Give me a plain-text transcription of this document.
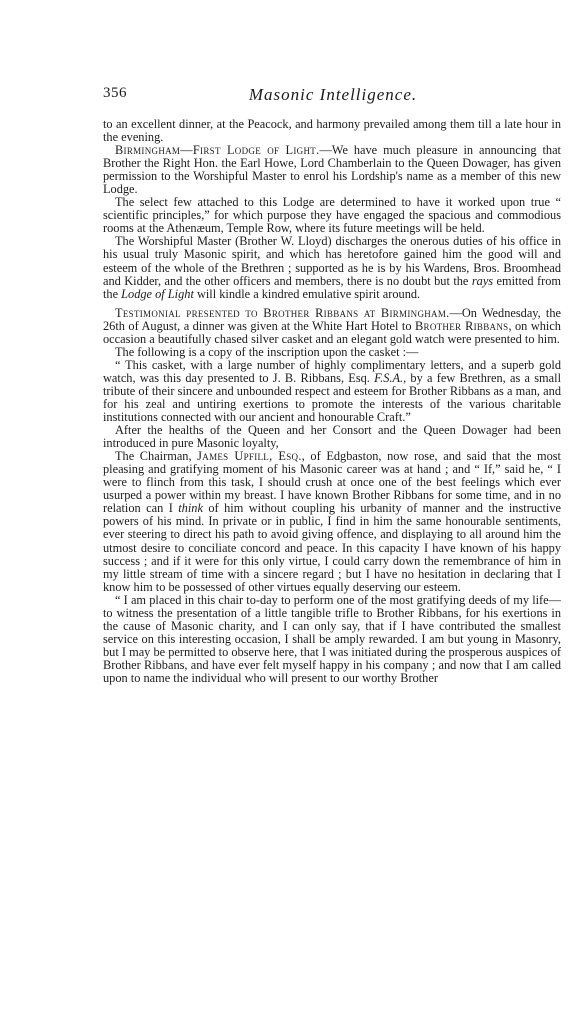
356	Masonic Intelligence.

to an excellent dinner, at the Peacock, and harmony prevailed among them till a late hour in the evening.

Birmingham—First Lodge of Light.—We have much pleasure in announcing that Brother the Right Hon. the Earl Howe, Lord Chamberlain to the Queen Dowager, has given permission to the Worshipful Master to enrol his Lordship's name as a member of this new Lodge.

The select few attached to this Lodge are determined to have it worked upon true “ scientific principles,” for which purpose they have engaged the spacious and commodious rooms at the Athenæum, Temple Row, where its future meetings will be held.

The Worshipful Master (Brother W. Lloyd) discharges the onerous duties of his office in his usual truly Masonic spirit, and which has heretofore gained him the good will and esteem of the whole of the Brethren ; supported as he is by his Wardens, Bros. Broomhead and Kidder, and the other officers and members, there is no doubt but the rays emitted from the Lodge of Light will kindle a kindred emulative spirit around.

Testimonial presented to Brother Ribbans at Birmingham.—On Wednesday, the 26th of August, a dinner was given at the White Hart Hotel to Brother Ribbans, on which occasion a beautifully chased silver casket and an elegant gold watch were presented to him.

The following is a copy of the inscription upon the casket :—

“ This casket, with a large number of highly complimentary letters, and a superb gold watch, was this day presented to J. B. Ribbans, Esq. F.S.A., by a few Brethren, as a small tribute of their sincere and unbounded respect and esteem for Brother Ribbans as a man, and for his zeal and untiring exertions to promote the interests of the various charitable institutions connected with our ancient and honourable Craft.”

After the healths of the Queen and her Consort and the Queen Dowager had been introduced in pure Masonic loyalty,

The Chairman, James Upfill, Esq., of Edgbaston, now rose, and said that the most pleasing and gratifying moment of his Masonic career was at hand ; and “ If,” said he, “ I were to flinch from this task, I should crush at once one of the best feelings which ever usurped a power within my breast. I have known Brother Ribbans for some time, and in no relation can I think of him without coupling his urbanity of manner and the instructive powers of his mind. In private or in public, I find in him the same honourable sentiments, ever steering to direct his path to avoid giving offence, and displaying to all around him the utmost desire to conciliate concord and peace. In this capacity I have known of his happy success ; and if it were for this only virtue, I could carry down the remembrance of him in my little stream of time with a sincere regard ; but I have no hesitation in declaring that I know him to be possessed of other virtues equally deserving our esteem.

“ I am placed in this chair to-day to perform one of the most gratifying deeds of my life—to witness the presentation of a little tangible trifle to Brother Ribbans, for his exertions in the cause of Masonic charity, and I can only say, that if I have contributed the smallest service on this interesting occasion, I shall be amply rewarded. I am but young in Masonry, but I may be permitted to observe here, that I was initiated during the prosperous auspices of Brother Ribbans, and have ever felt myself happy in his company ; and now that I am called upon to name the individual who will present to our worthy Brother
